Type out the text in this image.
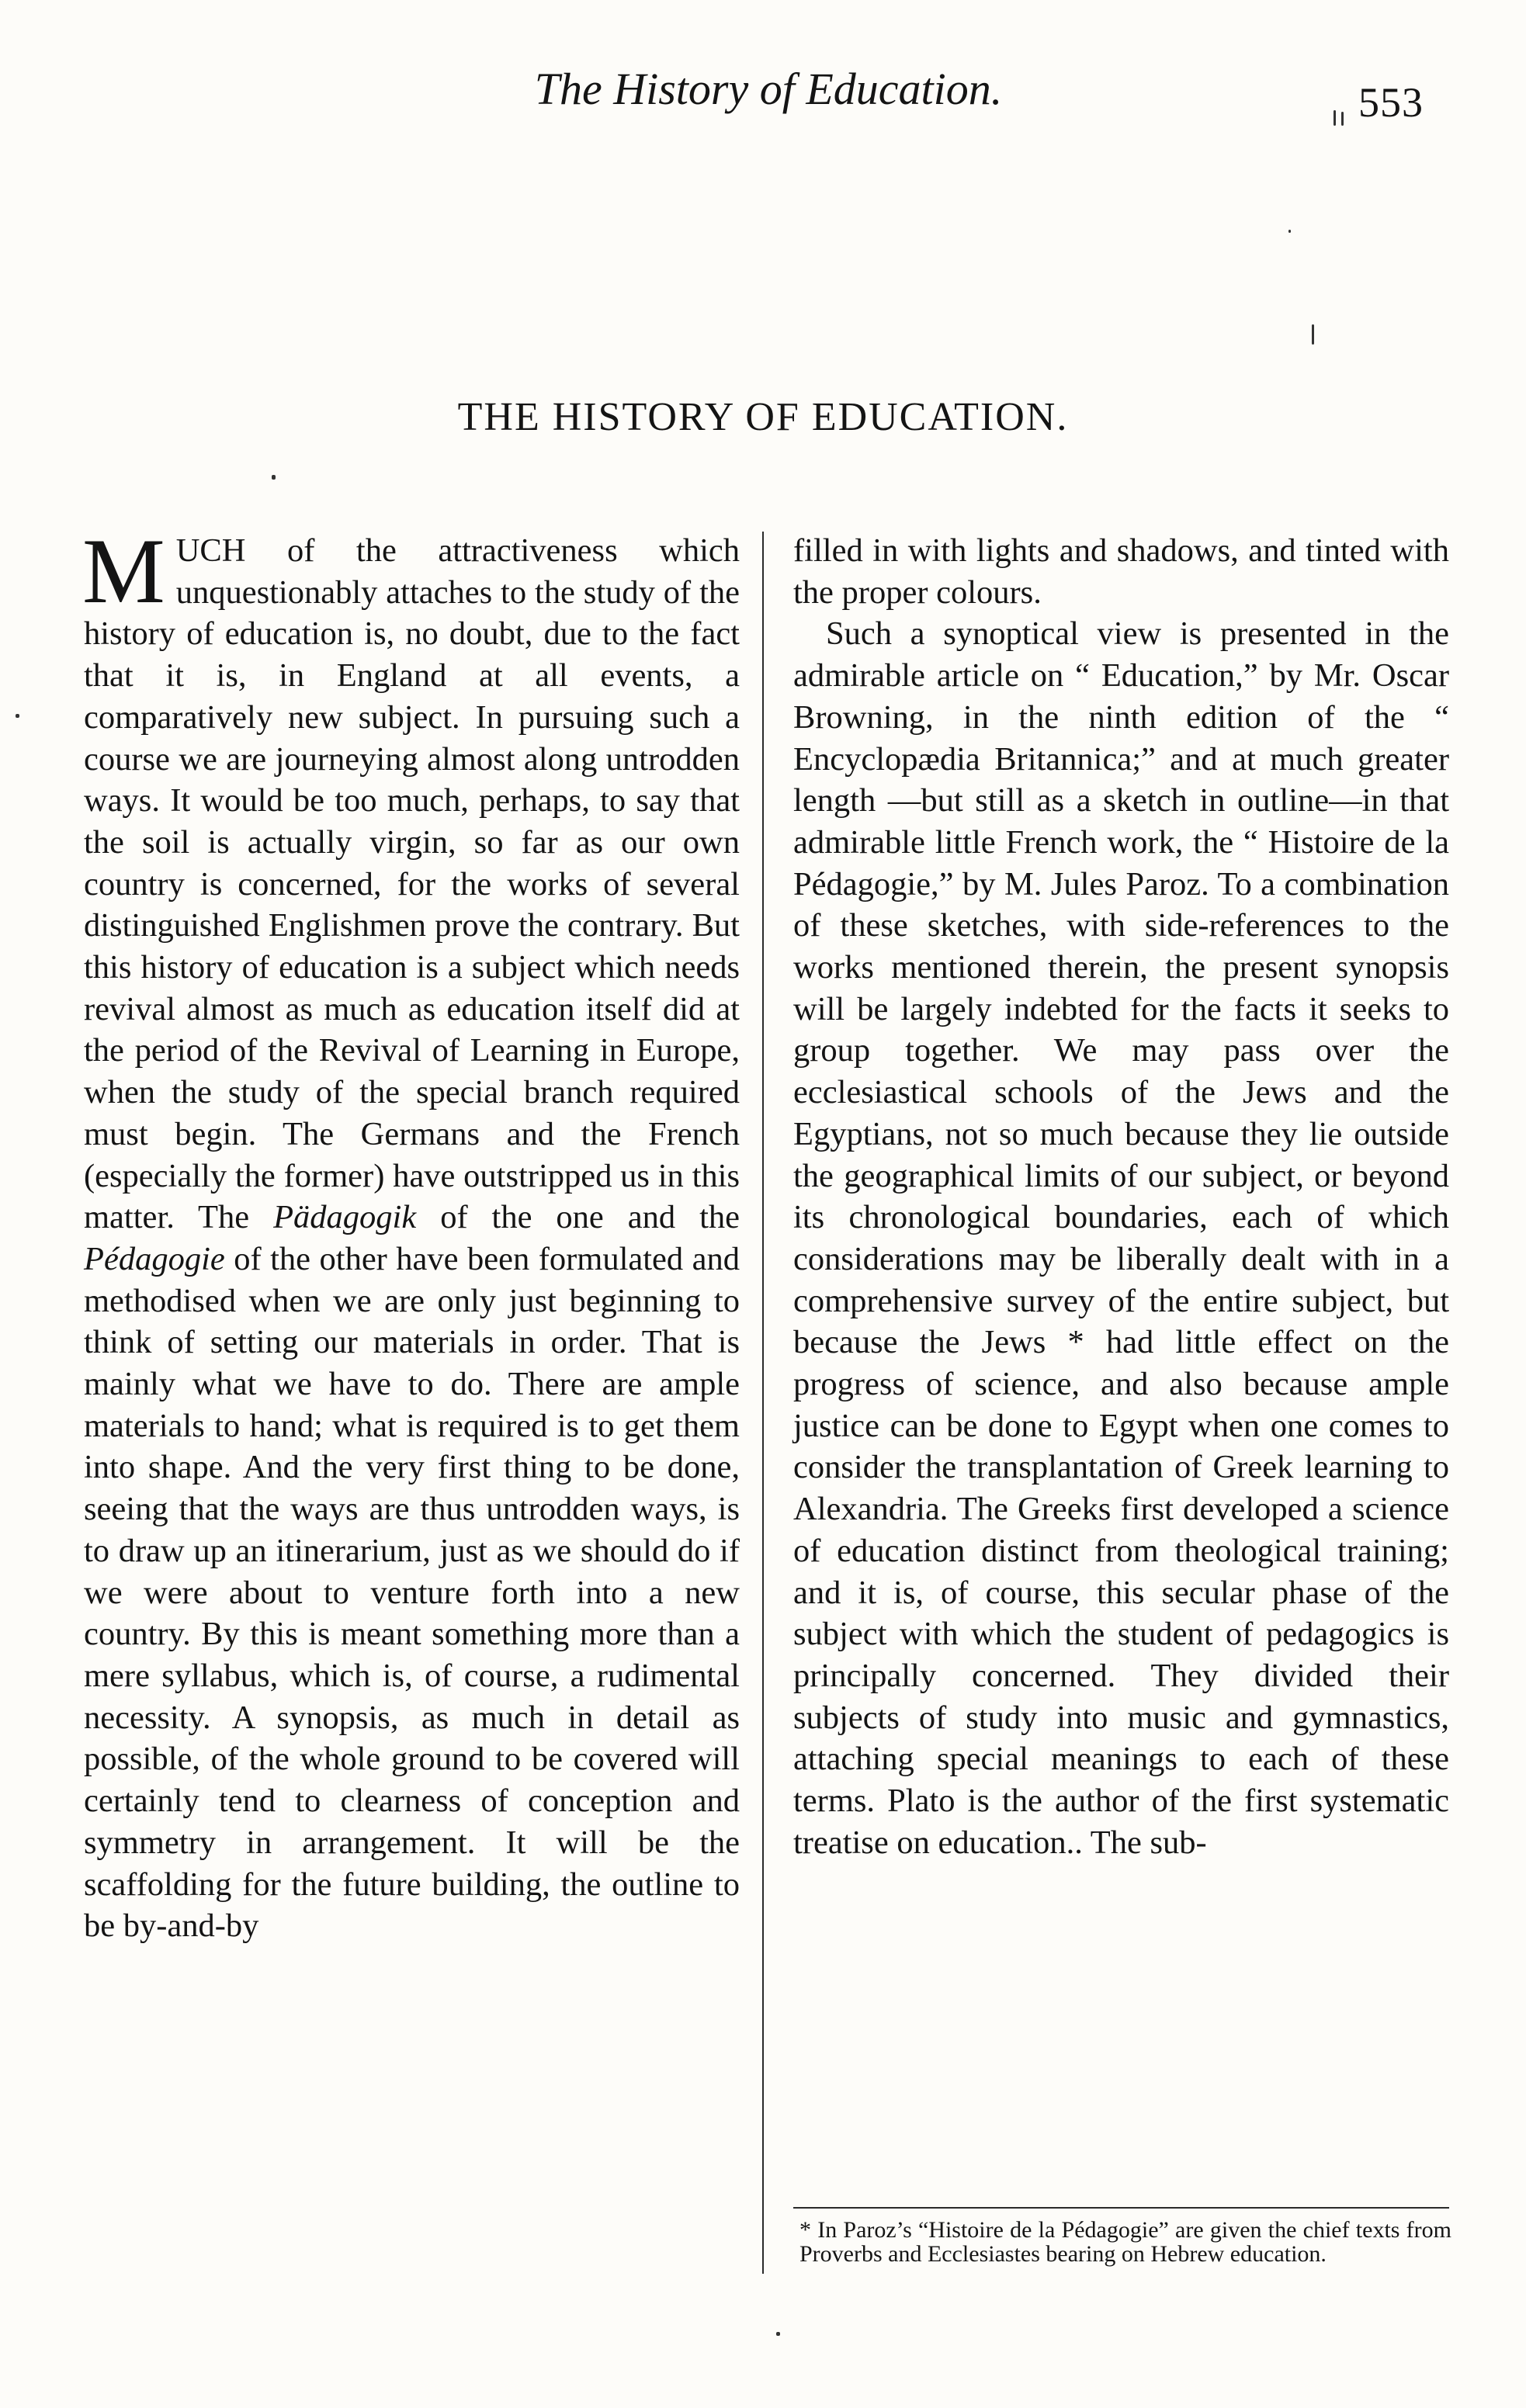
The History of Education.	553
THE HISTORY OF EDUCATION.

MUCH of the attractiveness which unquestionably attaches to the study of the history of education is, no doubt, due to the fact that it is, in England at all events, a comparatively new subject. In pursuing such a course we are journeying almost along untrodden ways. It would be too much, perhaps, to say that the soil is actually virgin, so far as our own country is concerned, for the works of several distinguished Englishmen prove the contrary. But this history of education is a subject which needs revival almost as much as education itself did at the period of the Revival of Learning in Europe, when the study of the special branch required must begin. The Germans and the French (especially the former) have outstripped us in this matter. The Pädagogik of the one and the Pédagogie of the other have been formulated and methodised when we are only just beginning to think of setting our materials in order. That is mainly what we have to do. There are ample materials to hand; what is required is to get them into shape. And the very first thing to be done, seeing that the ways are thus untrodden ways, is to draw up an itinerarium, just as we should do if we were about to venture forth into a new country. By this is meant something more than a mere syllabus, which is, of course, a rudimental necessity. A synopsis, as much in detail as possible, of the whole ground to be covered will certainly tend to clearness of conception and symmetry in arrangement. It will be the scaffolding for the future building, the outline to be by-and-by

filled in with lights and shadows, and tinted with the proper colours.

Such a synoptical view is presented in the admirable article on “ Education,” by Mr. Oscar Browning, in the ninth edition of the “ Encyclopædia Britannica;” and at much greater length —but still as a sketch in outline—in that admirable little French work, the “ Histoire de la Pédagogie,” by M. Jules Paroz. To a combination of these sketches, with side-references to the works mentioned therein, the present synopsis will be largely indebted for the facts it seeks to group together. We may pass over the ecclesiastical schools of the Jews and the Egyptians, not so much because they lie outside the geographical limits of our subject, or beyond its chronological boundaries, each of which considerations may be liberally dealt with in a comprehensive survey of the entire subject, but because the Jews * had little effect on the progress of science, and also because ample justice can be done to Egypt when one comes to consider the transplantation of Greek learning to Alexandria. The Greeks first developed a science of education distinct from theological training; and it is, of course, this secular phase of the subject with which the student of pedagogics is principally concerned. They divided their subjects of study into music and gymnastics, attaching special meanings to each of these terms. Plato is the author of the first systematic treatise on education.. The sub-

* In Paroz’s “Histoire de la Pédagogie” are given the chief texts from Proverbs and Ecclesiastes bearing on Hebrew education.
